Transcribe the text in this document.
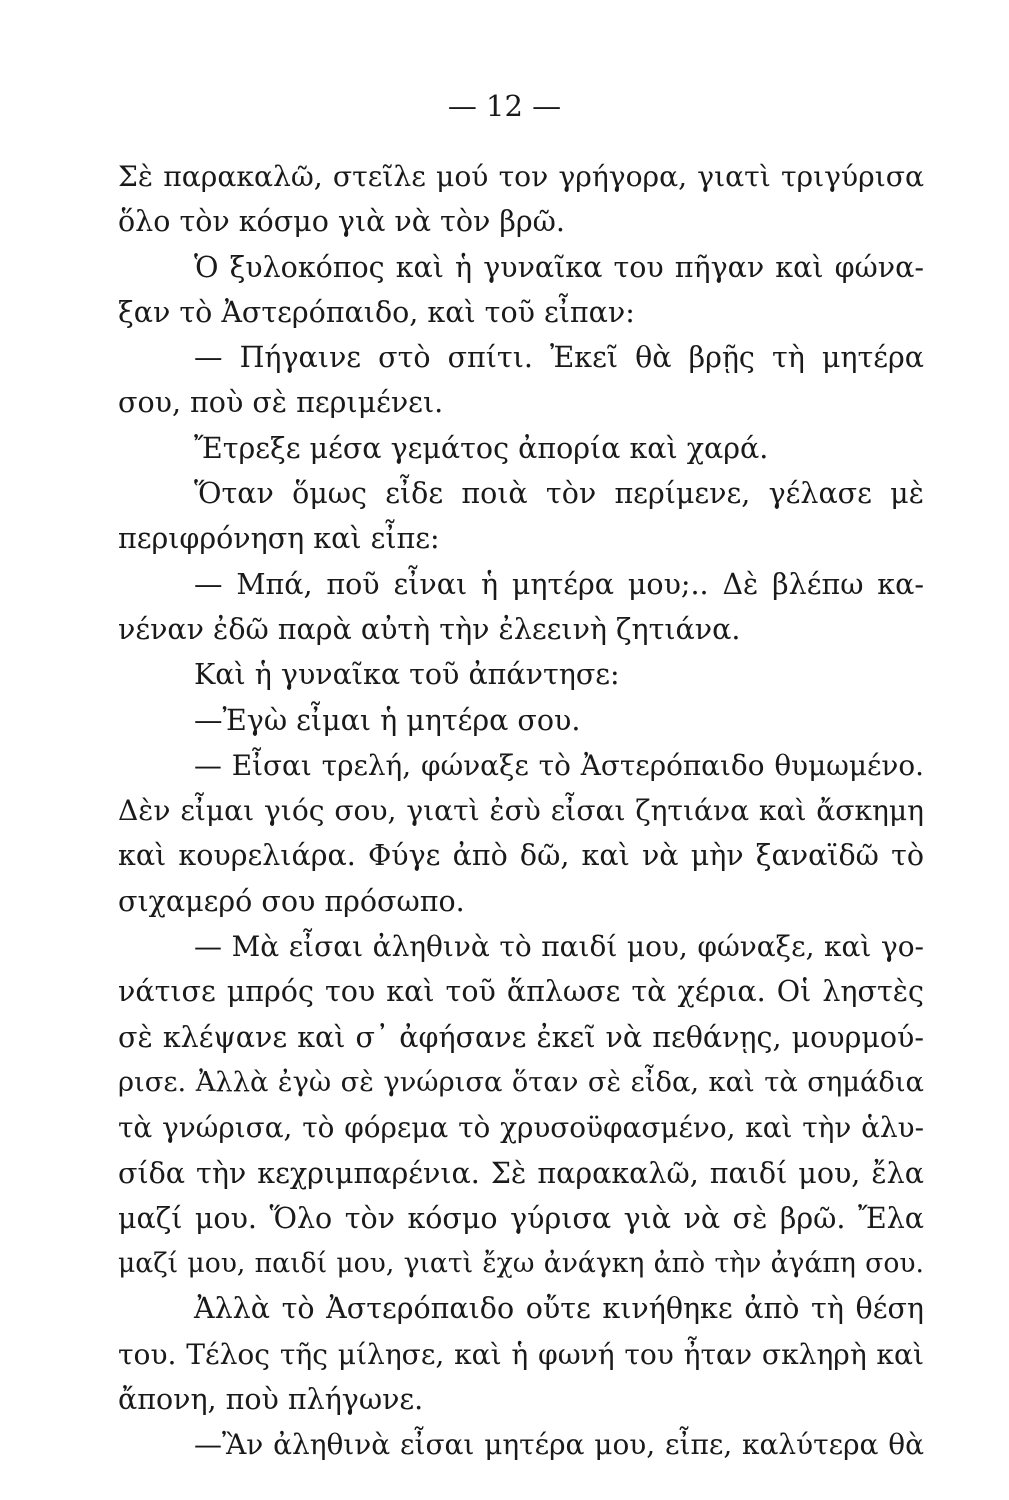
— 12 —
Σὲ παρακαλῶ, στεῖλε μού τον γρήγορα, γιατὶ τριγύρισα
ὅλο τὸν κόσμο γιὰ νὰ τὸν βρῶ.
Ὁ ξυλοκόπος καὶ ἡ γυναῖκα του πῆγαν καὶ φώνα-
ξαν τὸ Ἀστερόπαιδο, καὶ τοῦ εἶπαν:
— Πήγαινε στὸ σπίτι. Ἐκεῖ θὰ βρῇς τὴ μητέρα
σου, ποὺ σὲ περιμένει.
Ἔτρεξε μέσα γεμάτος ἀπορία καὶ χαρά.
Ὅταν ὅμως εἶδε ποιὰ τὸν περίμενε, γέλασε μὲ
περιφρόνηση καὶ εἶπε:
— Μπά, ποῦ εἶναι ἡ μητέρα μου;.. Δὲ βλέπω κα-
νέναν ἐδῶ παρὰ αὐτὴ τὴν ἐλεεινὴ ζητιάνα.
Καὶ ἡ γυναῖκα τοῦ ἀπάντησε:
—Ἐγὼ εἶμαι ἡ μητέρα σου.
— Εἶσαι τρελή, φώναξε τὸ Ἀστερόπαιδο θυμωμένο.
Δὲν εἶμαι γιός σου, γιατὶ ἐσὺ εἶσαι ζητιάνα καὶ ἄσκημη
καὶ κουρελιάρα. Φύγε ἀπὸ δῶ, καὶ νὰ μὴν ξαναϊδῶ τὸ
σιχαμερό σου πρόσωπο.
— Μὰ εἶσαι ἀληθινὰ τὸ παιδί μου, φώναξε, καὶ γο-
νάτισε μπρός του καὶ τοῦ ἅπλωσε τὰ χέρια. Οἱ ληστὲς
σὲ κλέψανε καὶ σ᾽ ἀφήσανε ἐκεῖ νὰ πεθάνῃς, μουρμού-
ρισε. Ἀλλὰ ἐγὼ σὲ γνώρισα ὅταν σὲ εἶδα, καὶ τὰ σημάδια
τὰ γνώρισα, τὸ φόρεμα τὸ χρυσοϋφασμένο, καὶ τὴν ἁλυ-
σίδα τὴν κεχριμπαρένια. Σὲ παρακαλῶ, παιδί μου, ἔλα
μαζί μου. Ὅλο τὸν κόσμο γύρισα γιὰ νὰ σὲ βρῶ. Ἔλα
μαζί μου, παιδί μου, γιατὶ ἔχω ἀνάγκη ἀπὸ τὴν ἀγάπη σου.
Ἀλλὰ τὸ Ἀστερόπαιδο οὔτε κινήθηκε ἀπὸ τὴ θέση
του. Τέλος τῆς μίλησε, καὶ ἡ φωνή του ἦταν σκληρὴ καὶ
ἄπονη, ποὺ πλήγωνε.
—Ἂν ἀληθινὰ εἶσαι μητέρα μου, εἶπε, καλύτερα θὰ
